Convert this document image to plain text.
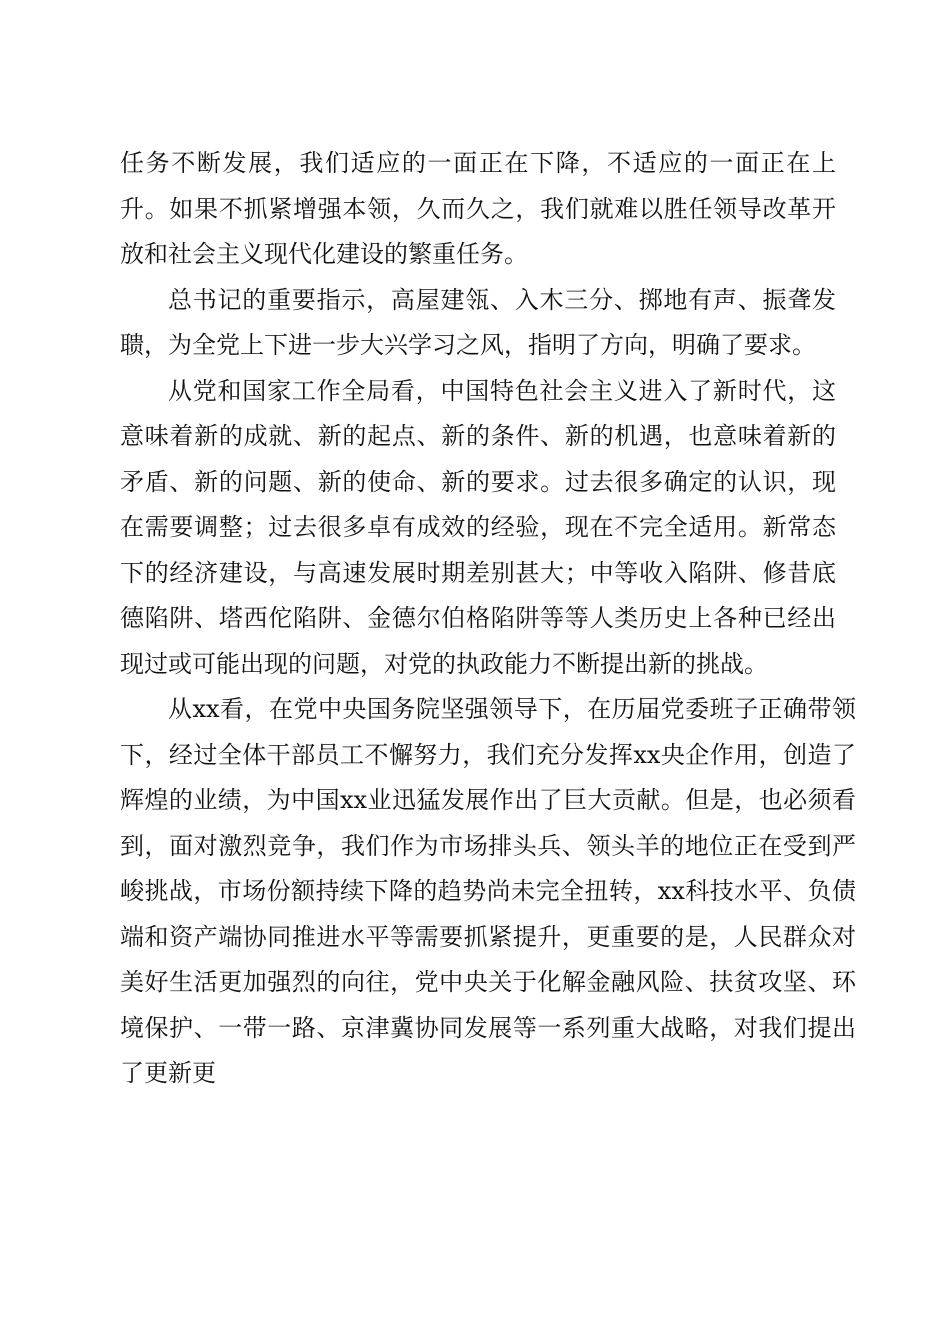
任务不断发展，我们适应的一面正在下降，不适应的一面正在上升。如果不抓紧增强本领，久而久之，我们就难以胜任领导改革开放和社会主义现代化建设的繁重任务。

总书记的重要指示，高屋建瓴、入木三分、掷地有声、振聋发聩，为全党上下进一步大兴学习之风，指明了方向，明确了要求。

从党和国家工作全局看，中国特色社会主义进入了新时代，这意味着新的成就、新的起点、新的条件、新的机遇，也意味着新的矛盾、新的问题、新的使命、新的要求。过去很多确定的认识，现在需要调整；过去很多卓有成效的经验，现在不完全适用。新常态下的经济建设，与高速发展时期差别甚大；中等收入陷阱、修昔底德陷阱、塔西佗陷阱、金德尔伯格陷阱等等人类历史上各种已经出现过或可能出现的问题，对党的执政能力不断提出新的挑战。

从xx看，在党中央国务院坚强领导下，在历届党委班子正确带领下，经过全体干部员工不懈努力，我们充分发挥xx央企作用，创造了辉煌的业绩，为中国xx业迅猛发展作出了巨大贡献。但是，也必须看到，面对激烈竞争，我们作为市场排头兵、领头羊的地位正在受到严峻挑战，市场份额持续下降的趋势尚未完全扭转，xx科技水平、负债端和资产端协同推进水平等需要抓紧提升，更重要的是，人民群众对美好生活更加强烈的向往，党中央关于化解金融风险、扶贫攻坚、环境保护、一带一路、京津冀协同发展等一系列重大战略，对我们提出了更新更
